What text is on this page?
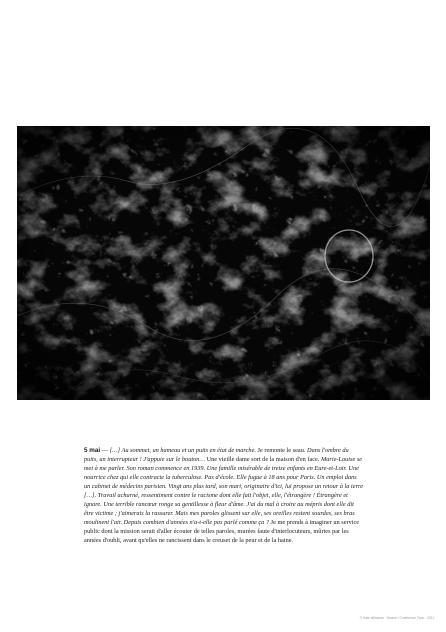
5 mai — […] Au sommet, un hameau et un puits en état de marche. Je remonte le seau. Dans l'ombre du puits, un interrupteur ! J'appuie sur le bouton… Une vieille dame sort de la maison d'en face. Marie-Louise se met à me parler. Son roman commence en 1939. Une famille misérable de treize enfants en Eure-et-Loir. Une nourrice chez qui elle contracte la tuberculose. Pas d'école. Elle fugue à 18 ans pour Paris. Un emploi dans un cabinet de médecins parisien. Vingt ans plus tard, son mari, originaire d'ici, lui propose un retour à la terre […]. Travail acharné, ressentiment contre le racisme dont elle fait l'objet, elle, l'étrangère ! Étrangère et ignare. Une terrible rancœur ronge sa gentillesse à fleur d'âme. J'ai du mal à croire au mépris dont elle dit être victime ; j'aimerais la rassurer. Mais mes paroles glissent sur elle, ses oreilles restent sourdes, ses bras moulinent l'air. Depuis combien d'années n'a-t-elle pas parlé comme ça ? Je me prends à imaginer un service public dont la mission serait d'aller écouter de telles paroles, murées faute d'interlocuteurs, mûries par les années d'oubli, avant qu'elles ne rancissent dans le creuset de la peur et de la haine.
© Kate Wilmoore · Source / Conférence Tissu · 2011
